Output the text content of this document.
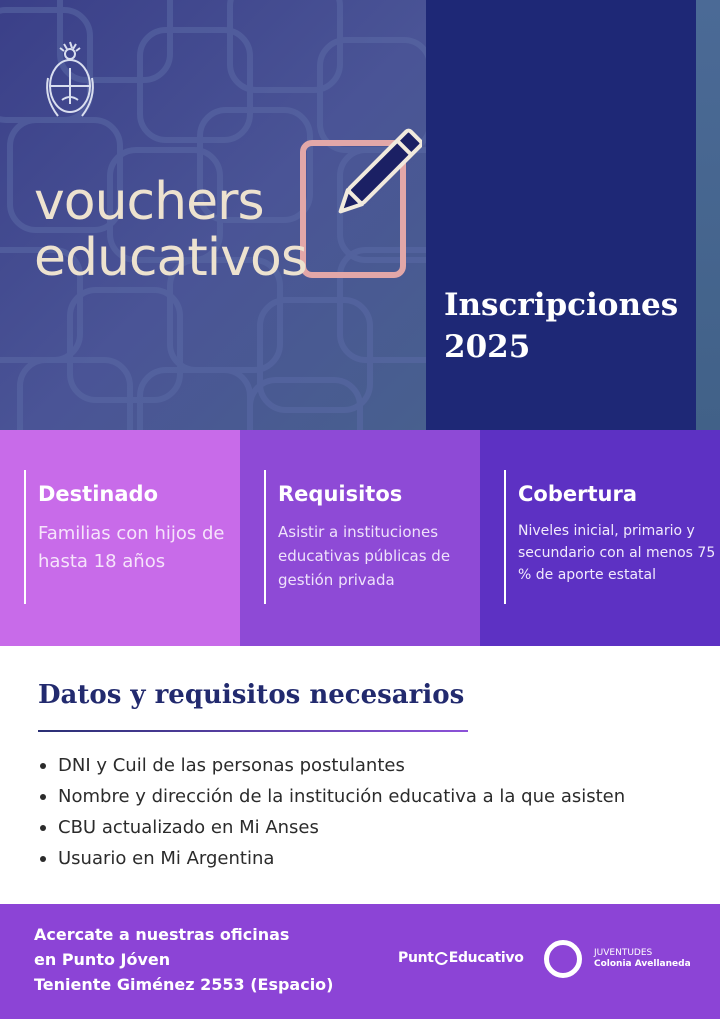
vouchers
educativos
Inscripciones
2025
Destinado

Familias con hijos de hasta 18 años

Requisitos

Asistir a instituciones educativas públicas de gestión privada

Cobertura

Niveles inicial, primario y secundario con al menos 75 % de aporte estatal

Datos y requisitos necesarios
DNI y Cuil de las personas postulantes
Nombre y dirección de la institución educativa a la que asisten
CBU actualizado en Mi Anses
Usuario en Mi Argentina
Acercate a nuestras oficinas
en Punto Jóven
Teniente Giménez 2553 (Espacio)
Punt Educativo	JUVENTUDES
Colonia Avellaneda
